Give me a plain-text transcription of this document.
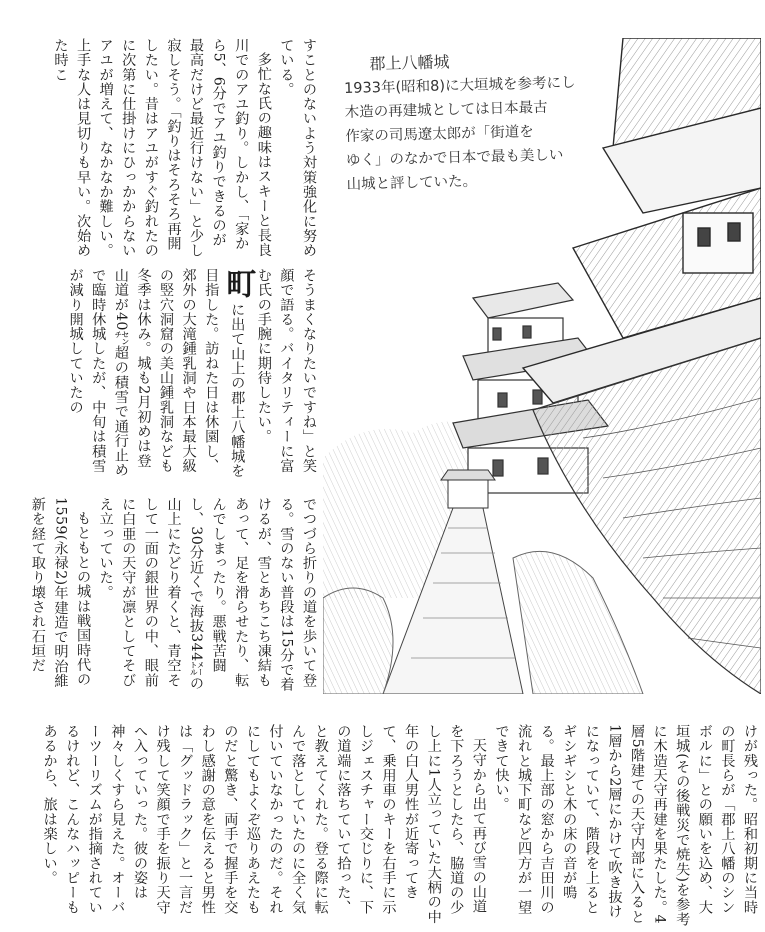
すことのないよう対策強化に努めている。

多忙な氏の趣味はスキーと長良川でのアユ釣り。しかし、「家から5、6分でアユ釣りできるのが最高だけど最近行けない」と少し寂しそう。「釣りはそろそろ再開したい。昔はアユがすぐ釣れたのに次第に仕掛けにひっかからないアユが増えて、なかなか難しい。上手な人は見切りも早い。次始めた時こ

そうまくなりたいですね」と笑顔で語る。バイタリティーに富む氏の手腕に期待したい。

町に出て山上の郡上八幡城を目指した。訪ねた日は休園し、郊外の大滝鍾乳洞や日本最大級の竪穴洞窟の美山鍾乳洞なども冬季は休み。城も2月初めは登山道が40㌢超の積雪で通行止めで臨時休城したが、中旬は積雪が減り開城していたの

でつづら折りの道を歩いて登る。雪のない普段は15分で着けるが、雪とあちこち凍結もあって、足を滑らせたり、転んでしまったり。悪戦苦闘し、30分近くで海抜344㍍の山上にたどり着くと、青空そして一面の銀世界の中、眼前に白亜の天守が凛としてそびえ立っていた。

もともとの城は戦国時代の1559(永禄2)年建造で明治維新を経て取り壊され石垣だ

郡上八幡城
1933年(昭和8)に大垣城を参考にし
木造の再建城としては日本最古
作家の司馬遼太郎が「街道を
ゆく」のなかで日本で最も美しい
山城と評していた。

けが残った。昭和初期に当時の町長らが「郡上八幡のシンボルに」との願いを込め、大垣城(その後戦災で焼失)を参考に木造天守再建を果たした。4層5階建ての天守内部に入ると1層から2層にかけて吹き抜けになっていて、階段を上るとギシギシと木の床の音が鳴る。最上部の窓から吉田川の流れと城下町など四方が一望できて快い。

天守から出て再び雪の山道を下ろうとしたら、脇道の少し上に1人立っていた大柄の中年の白人男性が近寄ってきて、乗用車のキーを右手に示しジェスチャー交じりに、下の道端に落ちていて拾った、と教えてくれた。登る際に転んで落としていたのに全く気付いていなかったのだ。それにしてもよくぞ巡りあえたものだと驚き、両手で握手を交わし感謝の意を伝えると男性は「グッドラック」と一言だけ残して笑顔で手を振り天守へ入っていった。彼の姿は神々しくすら見えた。オーバーツーリズムが指摘されているけれど、こんなハッピーもあるから、旅は楽しい。
